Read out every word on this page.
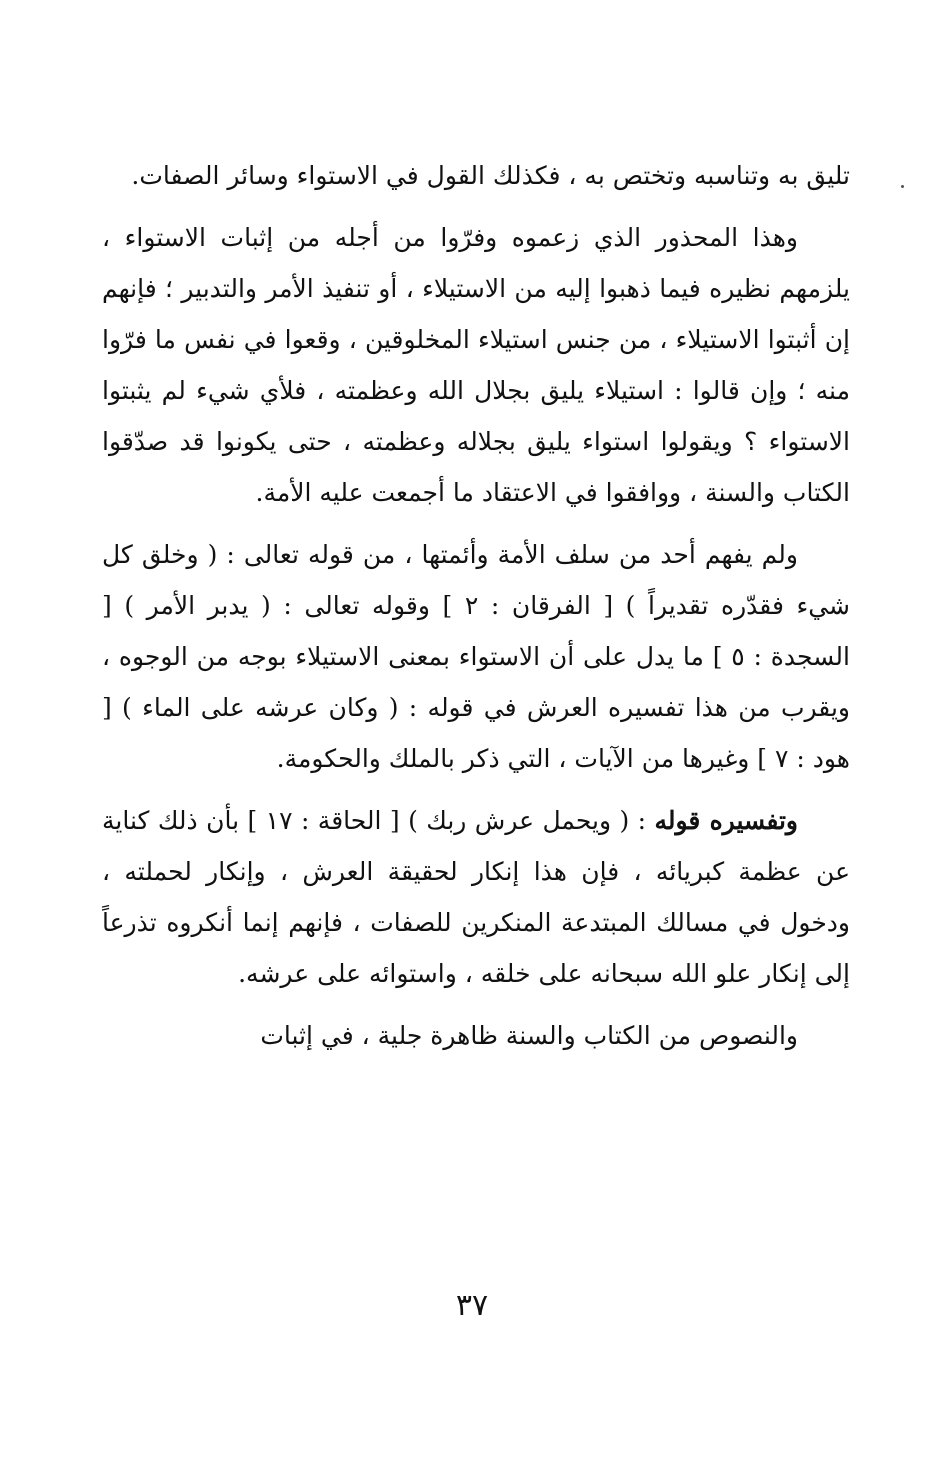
تليق به وتناسبه وتختص به ، فكذلك القول في الاستواء وسائر الصفات.

وهذا المحذور الذي زعموه وفرّوا من أجله من إثبات الاستواء ، يلزمهم نظيره فيما ذهبوا إليه من الاستيلاء ، أو تنفيذ الأمر والتدبير ؛ فإنهم إن أثبتوا الاستيلاء ، من جنس استيلاء المخلوقين ، وقعوا في نفس ما فرّوا منه ؛ وإن قالوا : استيلاء يليق بجلال الله وعظمته ، فلأي شيء لم يثبتوا الاستواء ؟ ويقولوا استواء يليق بجلاله وعظمته ، حتى يكونوا قد صدّقوا الكتاب والسنة ، ووافقوا في الاعتقاد ما أجمعت عليه الأمة.

ولم يفهم أحد من سلف الأمة وأئمتها ، من قوله تعالى : ( وخلق كل شيء فقدّره تقديراً ) [ الفرقان : ٢ ] وقوله تعالى : ( يدبر الأمر ) [ السجدة : ٥ ] ما يدل على أن الاستواء بمعنى الاستيلاء بوجه من الوجوه ، ويقرب من هذا تفسيره العرش في قوله : ( وكان عرشه على الماء ) [ هود : ٧ ] وغيرها من الآيات ، التي ذكر بالملك والحكومة.

وتفسيره قوله : ( ويحمل عرش ربك ) [ الحاقة : ١٧ ] بأن ذلك كناية عن عظمة كبريائه ، فإن هذا إنكار لحقيقة العرش ، وإنكار لحملته ، ودخول في مسالك المبتدعة المنكرين للصفات ، فإنهم إنما أنكروه تذرعاً إلى إنكار علو الله سبحانه على خلقه ، واستوائه على عرشه.

والنصوص من الكتاب والسنة ظاهرة جلية ، في إثبات

٣٧
